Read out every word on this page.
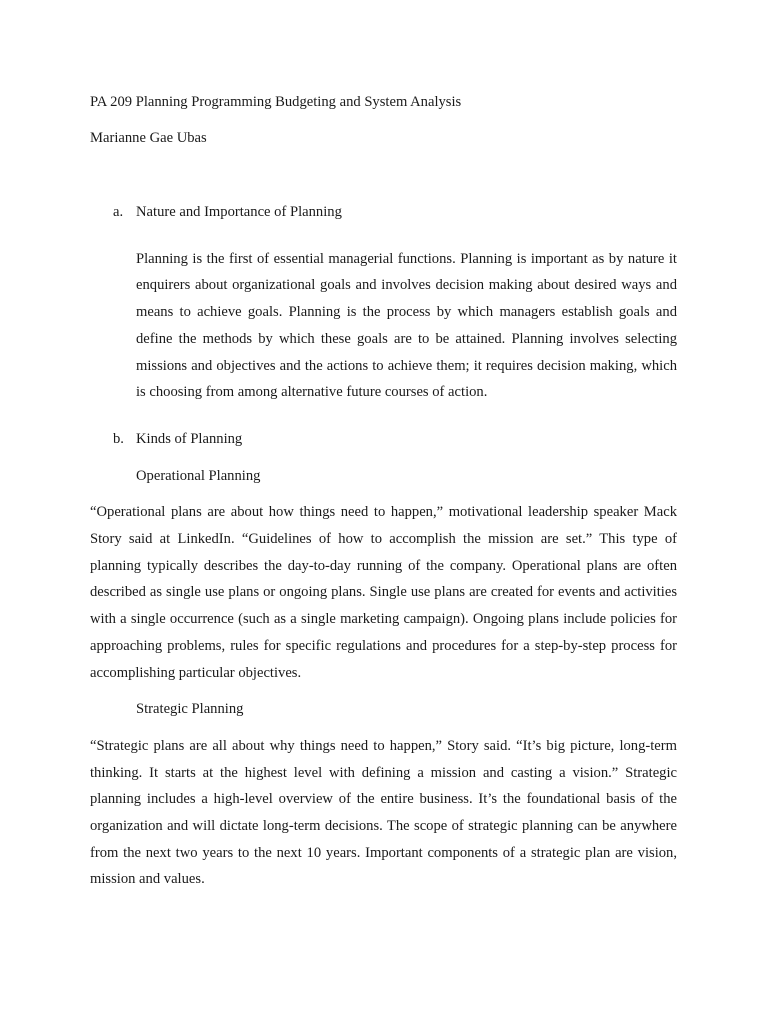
PA 209 Planning Programming Budgeting and System Analysis

Marianne Gae Ubas

a. Nature and Importance of Planning

Planning is the first of essential managerial functions. Planning is important as by nature it enquirers about organizational goals and involves decision making about desired ways and means to achieve goals. Planning is the process by which managers establish goals and define the methods by which these goals are to be attained. Planning involves selecting missions and objectives and the actions to achieve them; it requires decision making, which is choosing from among alternative future courses of action.

b. Kinds of Planning
Operational Planning

“Operational plans are about how things need to happen,” motivational leadership speaker Mack Story said at LinkedIn. “Guidelines of how to accomplish the mission are set.” This type of planning typically describes the day-to-day running of the company. Operational plans are often described as single use plans or ongoing plans. Single use plans are created for events and activities with a single occurrence (such as a single marketing campaign). Ongoing plans include policies for approaching problems, rules for specific regulations and procedures for a step-by-step process for accomplishing particular objectives.

Strategic Planning

“Strategic plans are all about why things need to happen,” Story said. “It’s big picture, long-term thinking. It starts at the highest level with defining a mission and casting a vision.” Strategic planning includes a high-level overview of the entire business. It’s the foundational basis of the organization and will dictate long-term decisions. The scope of strategic planning can be anywhere from the next two years to the next 10 years. Important components of a strategic plan are vision, mission and values.
